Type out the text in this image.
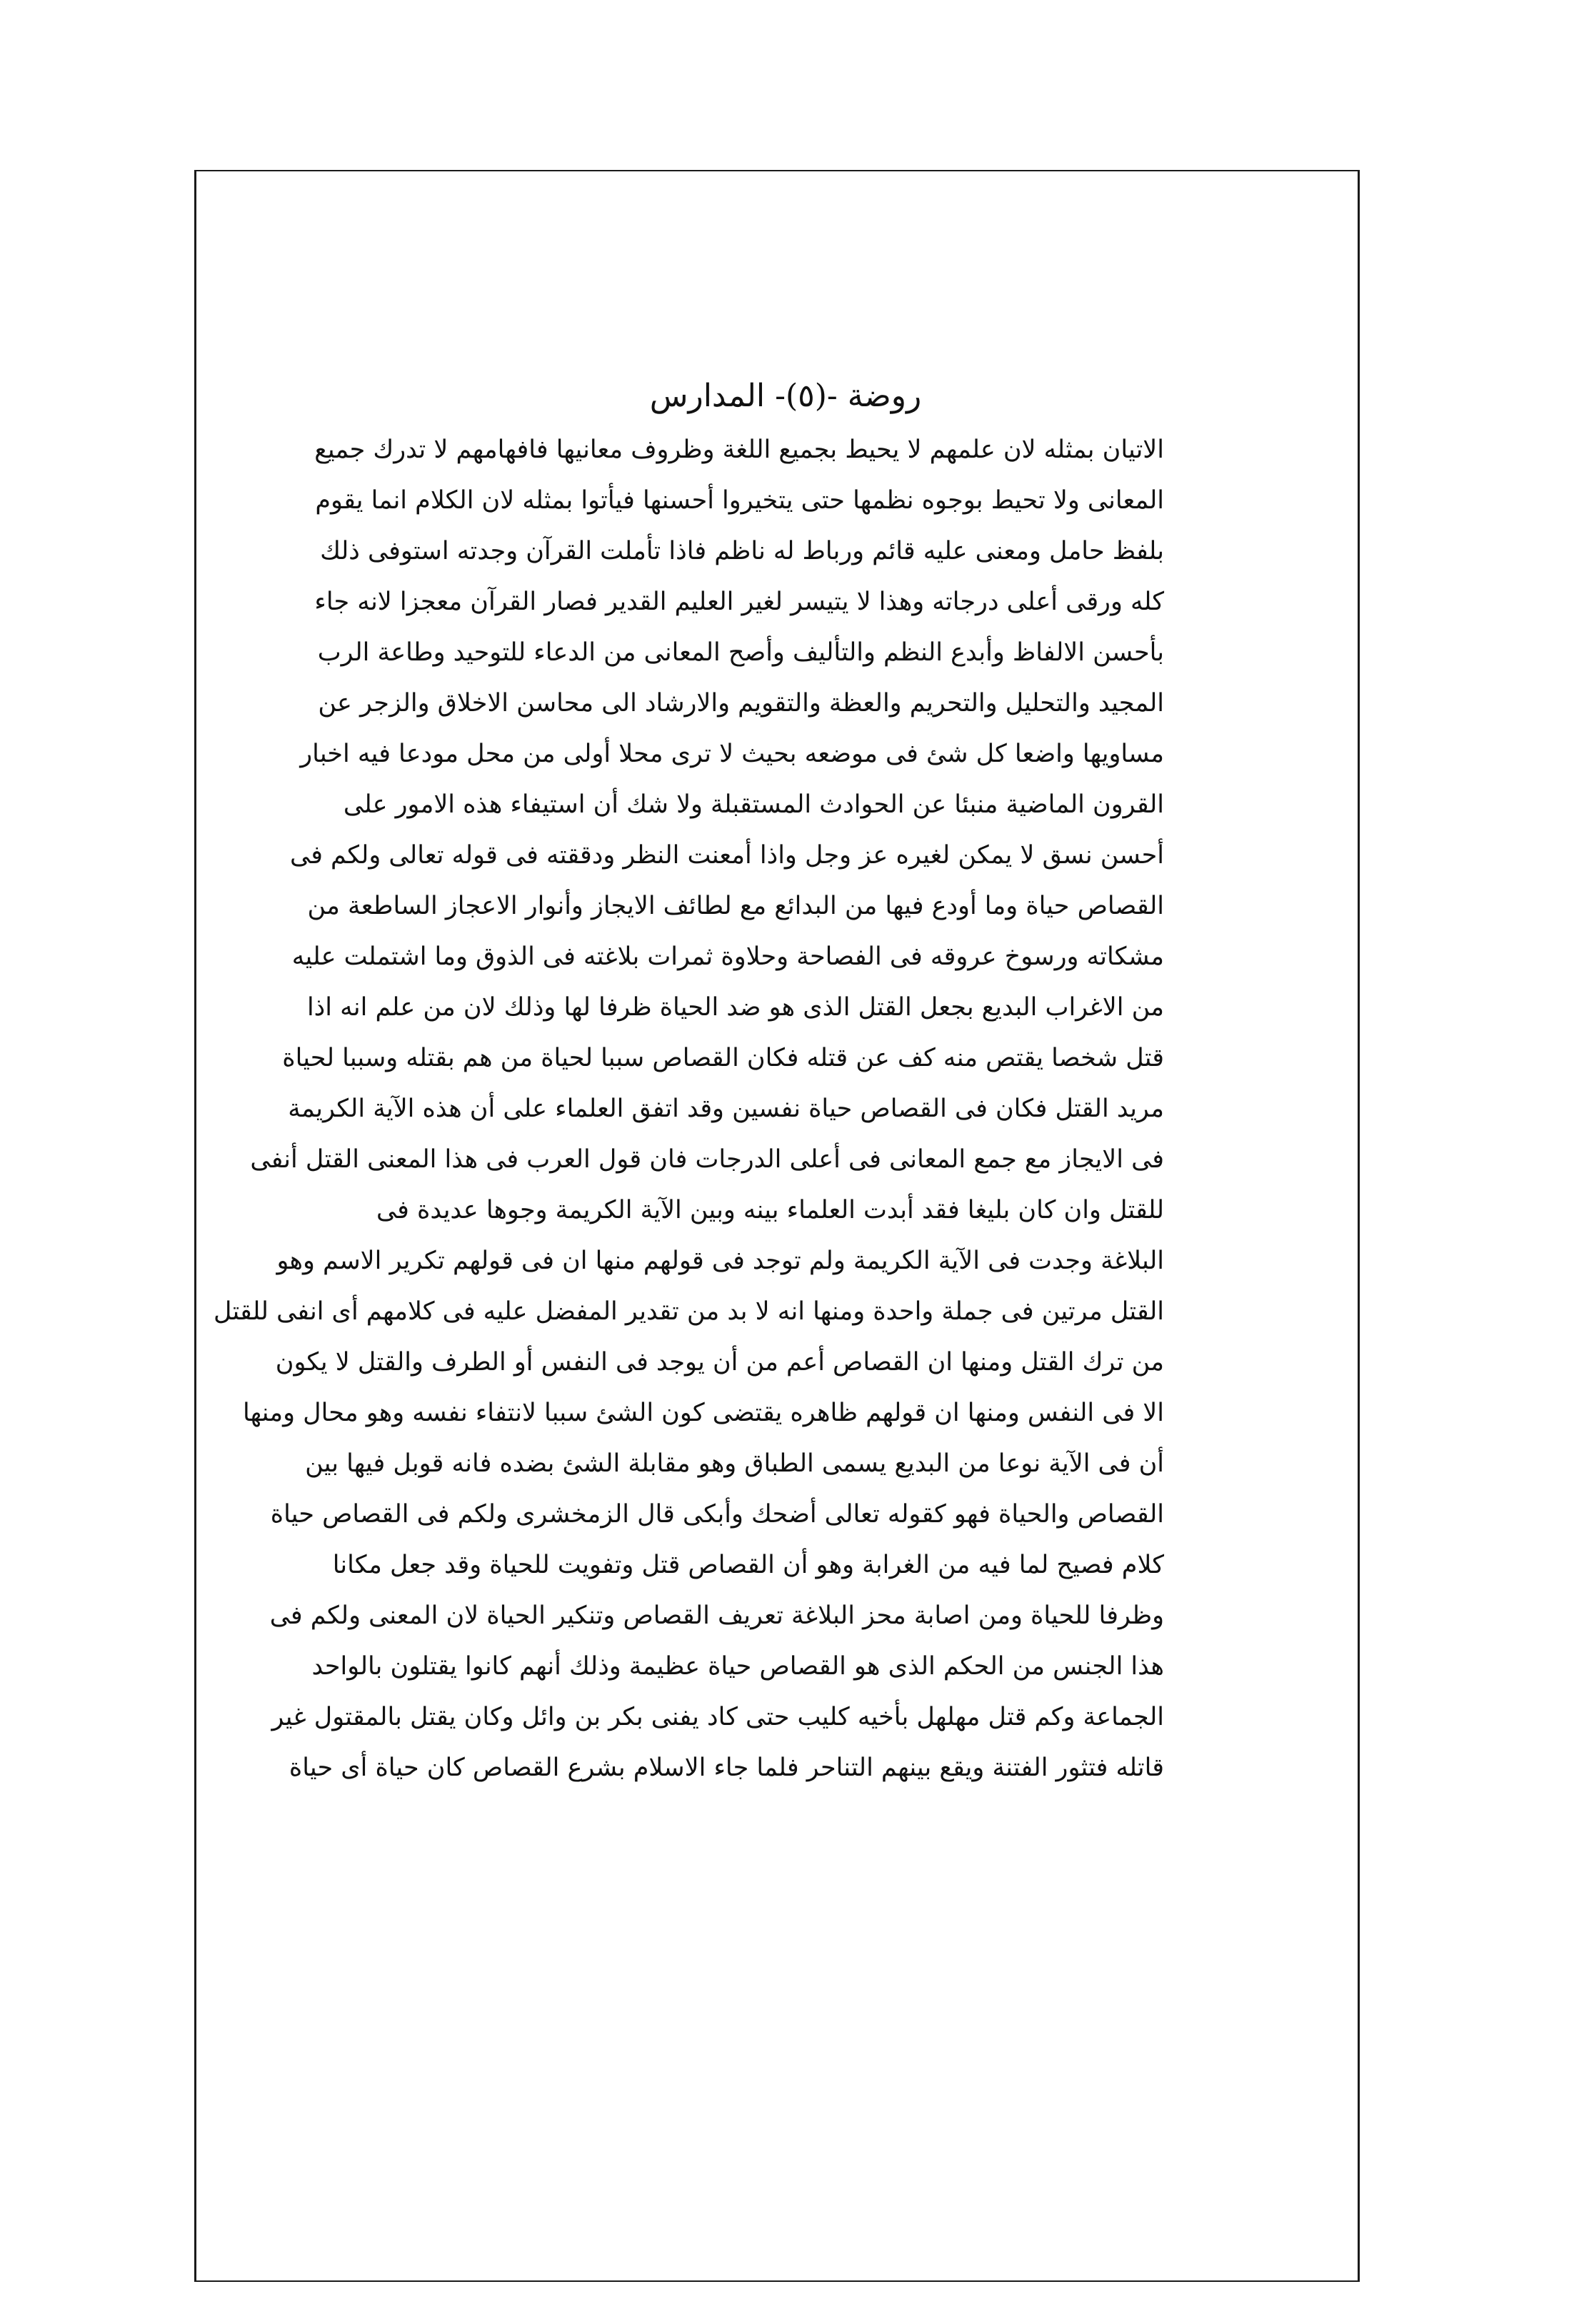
روضة -(٥)- المدارس
الاتيان بمثله لان علمهم لا يحيط بجميع اللغة وظروف معانيها فافهامهم لا تدرك جميع
المعانى ولا تحيط بوجوه نظمها حتى يتخيروا أحسنها فيأتوا بمثله لان الكلام انما يقوم
بلفظ حامل ومعنى عليه قائم ورباط له ناظم فاذا تأملت القرآن وجدته استوفى ذلك
كله ورقى أعلى درجاته وهذا لا يتيسر لغير العليم القدير فصار القرآن معجزا لانه جاء
بأحسن الالفاظ وأبدع النظم والتأليف وأصح المعانى من الدعاء للتوحيد وطاعة الرب
المجيد والتحليل والتحريم والعظة والتقويم والارشاد الى محاسن الاخلاق والزجر عن
مساويها واضعا كل شئ فى موضعه بحيث لا ترى محلا أولى من محل مودعا فيه اخبار
القرون الماضية منبئا عن الحوادث المستقبلة ولا شك أن استيفاء هذه الامور على
أحسن نسق لا يمكن لغيره عز وجل واذا أمعنت النظر ودققته فى قوله تعالى ولكم فى
القصاص حياة وما أودع فيها من البدائع مع لطائف الايجاز وأنوار الاعجاز الساطعة من
مشكاته ورسوخ عروقه فى الفصاحة وحلاوة ثمرات بلاغته فى الذوق وما اشتملت عليه
من الاغراب البديع بجعل القتل الذى هو ضد الحياة ظرفا لها وذلك لان من علم انه اذا
قتل شخصا يقتص منه كف عن قتله فكان القصاص سببا لحياة من هم بقتله وسببا لحياة
مريد القتل فكان فى القصاص حياة نفسين وقد اتفق العلماء على أن هذه الآية الكريمة
فى الايجاز مع جمع المعانى فى أعلى الدرجات فان قول العرب فى هذا المعنى القتل أنفى
للقتل وان كان بليغا فقد أبدت العلماء بينه وبين الآية الكريمة وجوها عديدة فى
البلاغة وجدت فى الآية الكريمة ولم توجد فى قولهم منها ان فى قولهم تكرير الاسم وهو
القتل مرتين فى جملة واحدة ومنها انه لا بد من تقدير المفضل عليه فى كلامهم أى انفى للقتل
من ترك القتل ومنها ان القصاص أعم من أن يوجد فى النفس أو الطرف والقتل لا يكون
الا فى النفس ومنها ان قولهم ظاهره يقتضى كون الشئ سببا لانتفاء نفسه وهو محال ومنها
أن فى الآية نوعا من البديع يسمى الطباق وهو مقابلة الشئ بضده فانه قوبل فيها بين
القصاص والحياة فهو كقوله تعالى أضحك وأبكى قال الزمخشرى ولكم فى القصاص حياة
كلام فصيح لما فيه من الغرابة وهو أن القصاص قتل وتفويت للحياة وقد جعل مكانا
وظرفا للحياة ومن اصابة محز البلاغة تعريف القصاص وتنكير الحياة لان المعنى ولكم فى
هذا الجنس من الحكم الذى هو القصاص حياة عظيمة وذلك أنهم كانوا يقتلون بالواحد
الجماعة وكم قتل مهلهل بأخيه كليب حتى كاد يفنى بكر بن وائل وكان يقتل بالمقتول غير
قاتله فتثور الفتنة ويقع بينهم التناحر فلما جاء الاسلام بشرع القصاص كان حياة أى حياة
